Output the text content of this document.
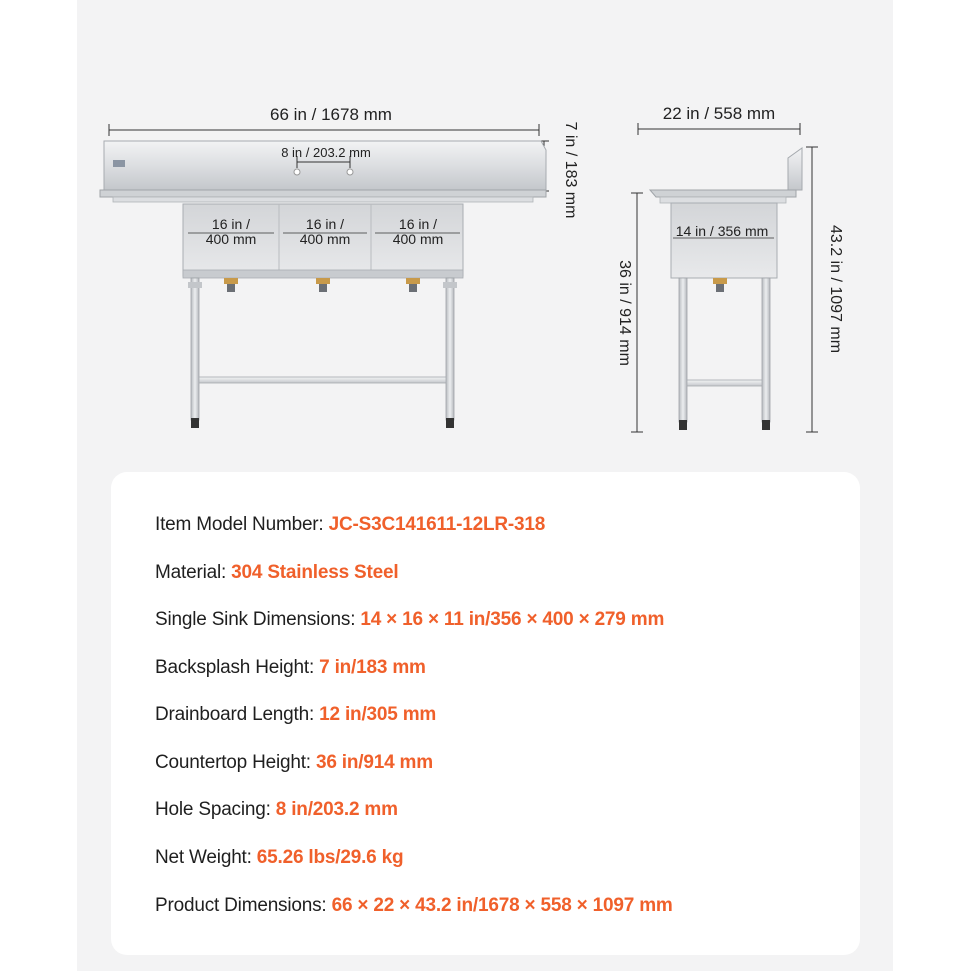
66 in / 1678 mm
7 in / 183 mm
8 in / 203.2 mm
16 in /
400 mm
16 in /
400 mm
16 in /
400 mm
22 in / 558 mm
36 in / 914 mm	43.2 in / 1097 mm
14 in / 356 mm
Item Model Number: JC-S3C141611-12LR-318
Material: 304 Stainless Steel
Single Sink Dimensions: 14 × 16 × 11 in/356 × 400 × 279 mm
Backsplash Height: 7 in/183 mm
Drainboard Length: 12 in/305 mm
Countertop Height: 36 in/914 mm
Hole Spacing: 8 in/203.2 mm
Net Weight: 65.26 lbs/29.6 kg
Product Dimensions: 66 × 22 × 43.2 in/1678 × 558 × 1097 mm
